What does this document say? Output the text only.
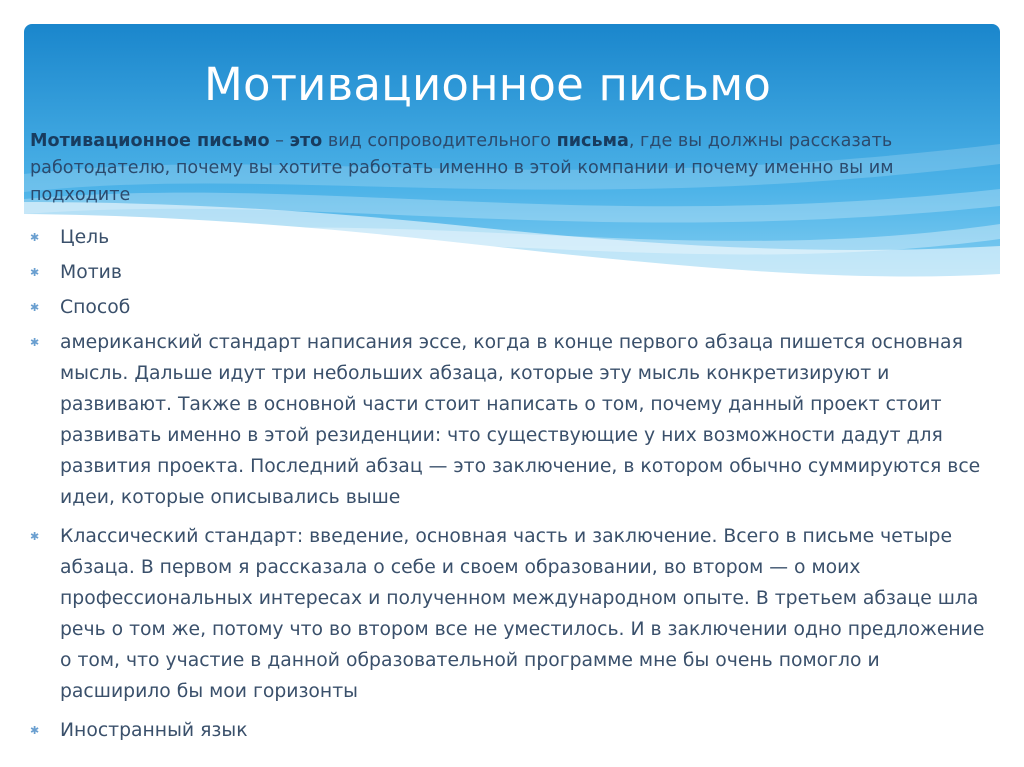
Мотивационное письмо

Мотивационное письмо – это вид сопроводительного письма, где вы должны рассказать работодателю, почему вы хотите работать именно в этой компании и почему именно вы им подходите

✱ Цель
✱ Мотив
✱ Способ
✱ американский стандарт написания эссе, когда в конце первого абзаца пишется основная мысль. Дальше идут три небольших абзаца, которые эту мысль конкретизируют и развивают. Также в основной части стоит написать о том, почему данный проект стоит развивать именно в этой резиденции: что существующие у них возможности дадут для развития проекта. Последний абзац — это заключение, в котором обычно суммируются все идеи, которые описывались выше
✱ Классический стандарт: введение, основная часть и заключение. Всего в письме четыре абзаца. В первом я рассказала о себе и своем образовании, во втором — о моих профессиональных интересах и полученном международном опыте. В третьем абзаце шла речь о том же, потому что во втором все не уместилось. И в заключении одно предложение о том, что участие в данной образовательной программе мне бы очень помогло и расширило бы мои горизонты
✱ Иностранный язык
